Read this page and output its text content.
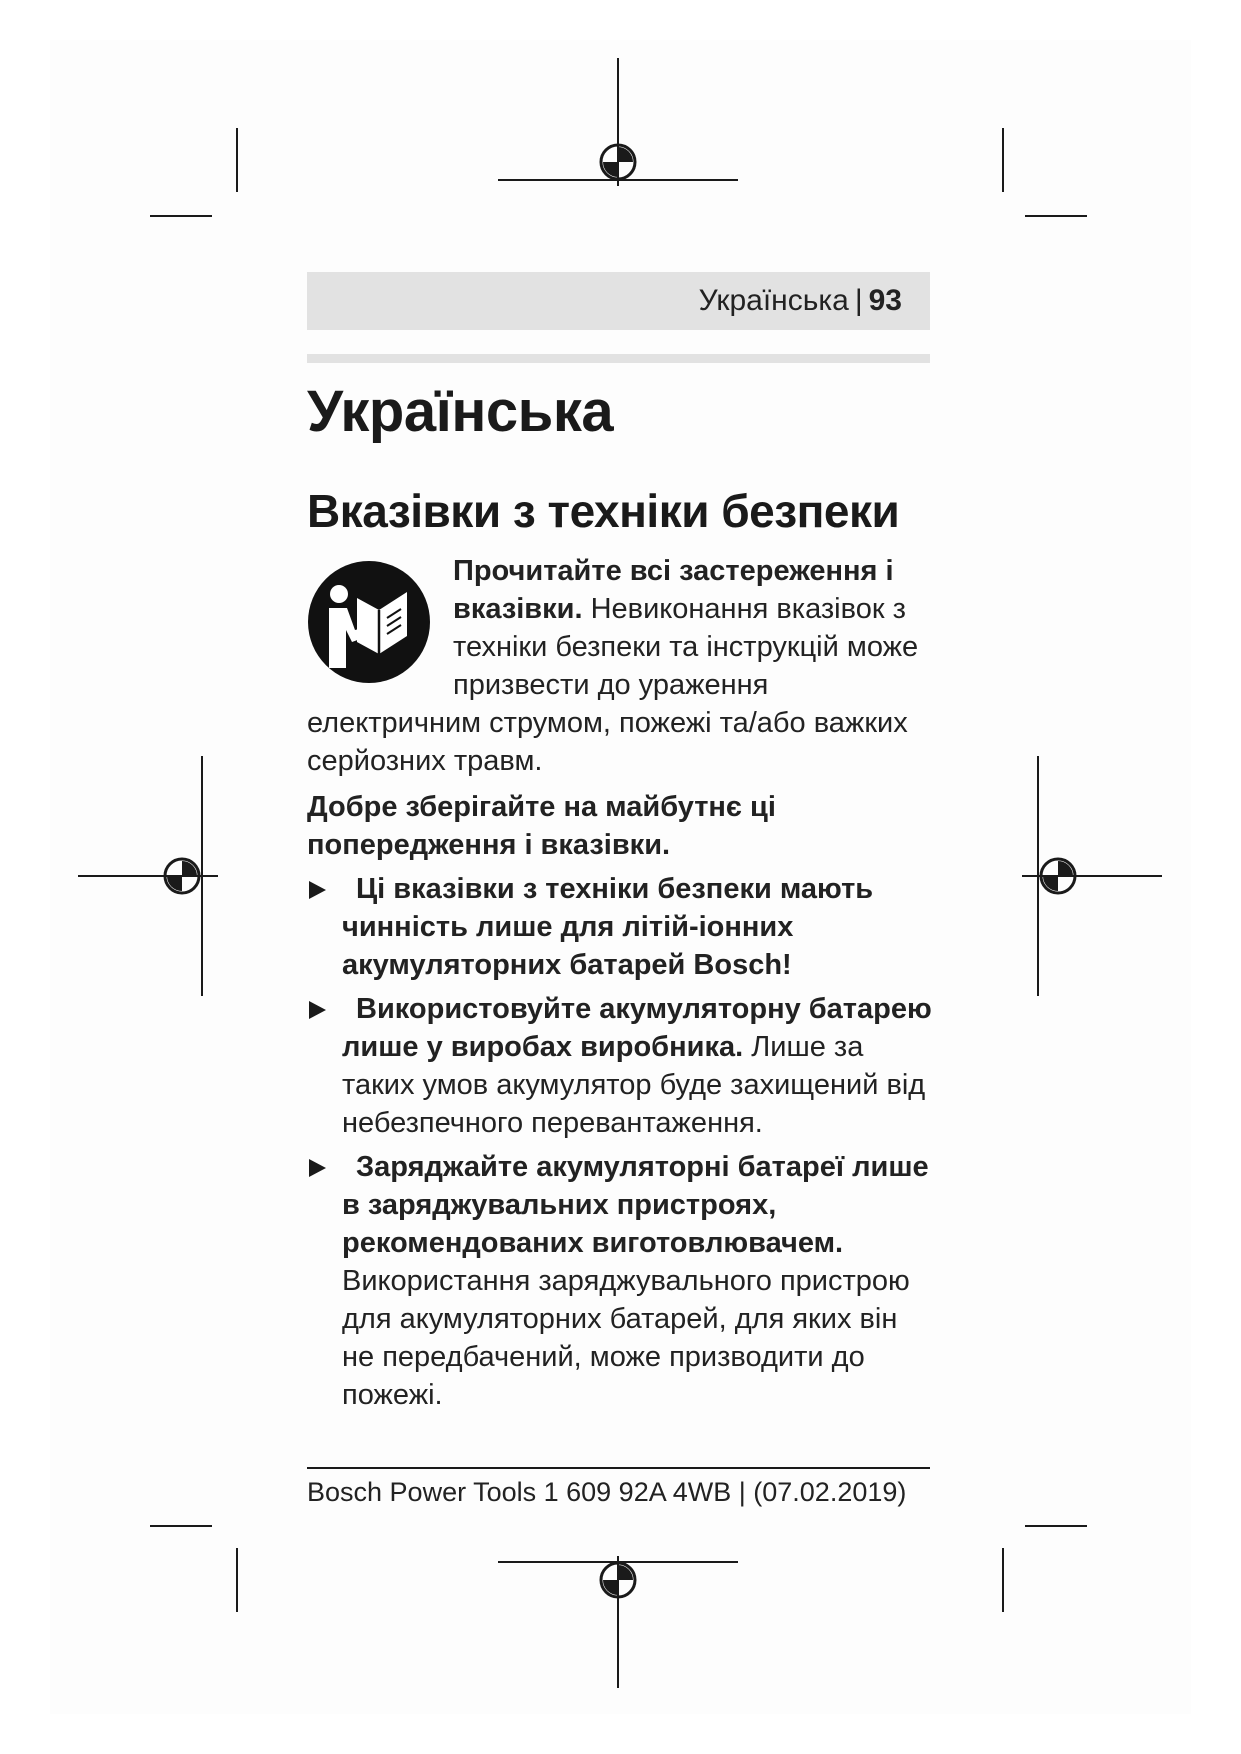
Українська | 93
Українська
Вказівки з техніки безпеки

Прочитайте всі застереження і вказівки. Невиконання вказівок з техніки безпеки та інструкцій може призвести до ураження електричним струмом, пожежі та/або важких серйозних травм.

Добре зберігайте на майбутнє ці попередження і вказівки.

Ці вказівки з техніки безпеки мають чинність лише для літій-іонних акумуляторних батарей Bosch!
Використовуйте акумуляторну батарею лише у виробах виробника. Лише за таких умов акумулятор буде захищений від небезпечного перевантаження.
Заряджайте акумуляторні батареї лише в заряджувальних пристроях, рекомендованих виготовлювачем. Використання заряджувального пристрою для акумуляторних батарей, для яких він не передбачений, може призводити до пожежі.
Bosch Power Tools 1 609 92A 4WB | (07.02.2019)
